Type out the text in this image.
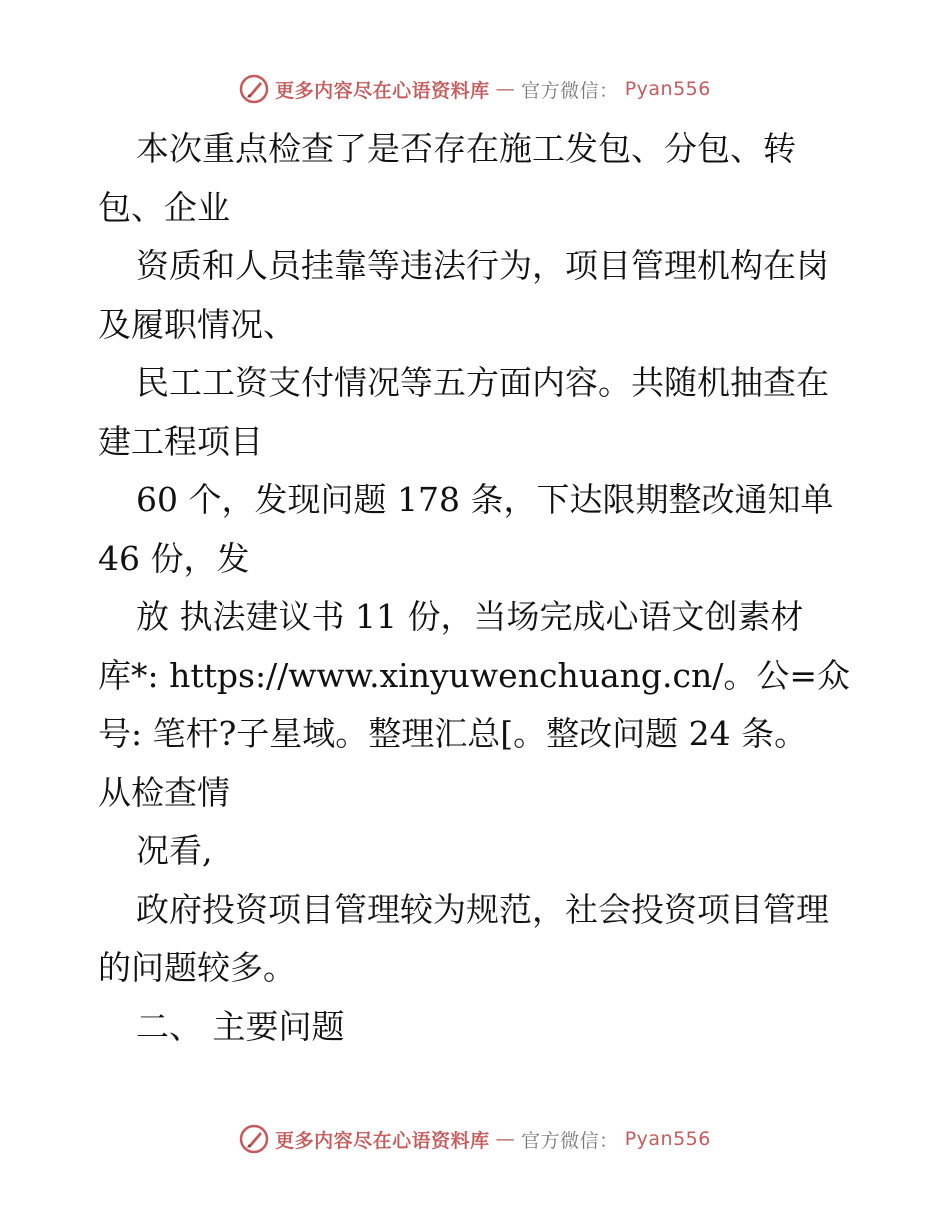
更多内容尽在心语资料库 — 官方微信： Pyan556
本次重点检查了是否存在施工发包、分包、转
包、企业
资质和人员挂靠等违法行为，项目管理机构在岗
及履职情况、
民工工资支付情况等五方面内容。共随机抽查在
建工程项目
60 个，发现问题 178 条，下达限期整改通知单
46 份，发
放 执法建议书 11 份，当场完成心语文创素材
库*: https://www.xinyuwenchuang.cn/。公=众
号: 笔杆?子星域。整理汇总[。整改问题 24 条。
从检查情
况看,
政府投资项目管理较为规范，社会投资项目管理
的问题较多。
二、 主要问题
更多内容尽在心语资料库 — 官方微信： Pyan556
